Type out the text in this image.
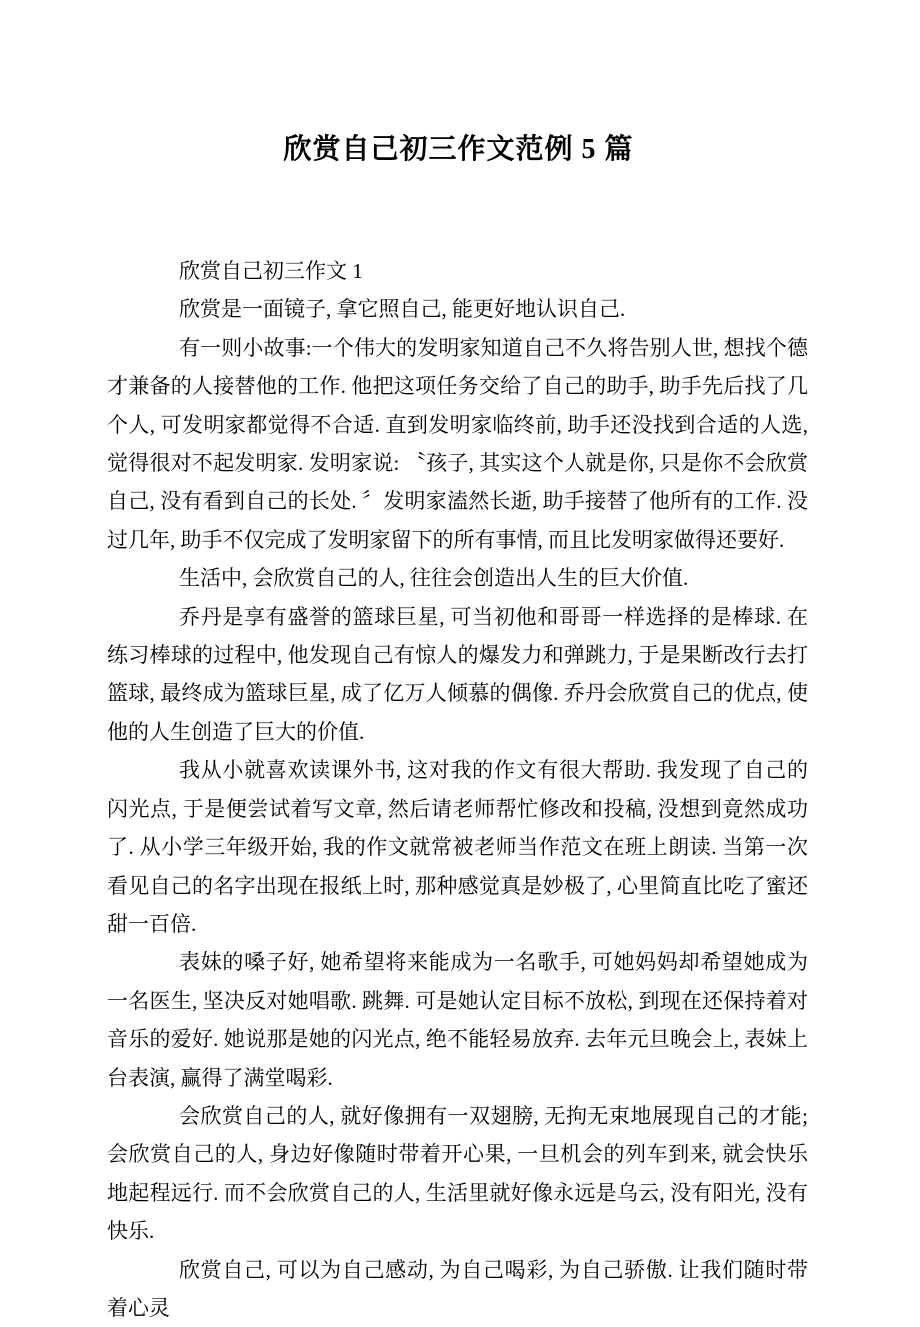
欣赏自己初三作文范例 5 篇

欣赏自己初三作文 1

欣赏是一面镜子, 拿它照自己, 能更好地认识自己.

有一则小故事:一个伟大的发明家知道自己不久将告别人世, 想找个德才兼备的人接替他的工作. 他把这项任务交给了自己的助手, 助手先后找了几个人, 可发明家都觉得不合适. 直到发明家临终前, 助手还没找到合适的人选, 觉得很对不起发明家. 发明家说: 〝孩子, 其实这个人就是你, 只是你不会欣赏自己, 没有看到自己的长处. 〞发明家溘然长逝, 助手接替了他所有的工作. 没过几年, 助手不仅完成了发明家留下的所有事情, 而且比发明家做得还要好.

生活中, 会欣赏自己的人, 往往会创造出人生的巨大价值.

乔丹是享有盛誉的篮球巨星, 可当初他和哥哥一样选择的是棒球. 在练习棒球的过程中, 他发现自己有惊人的爆发力和弹跳力, 于是果断改行去打篮球, 最终成为篮球巨星, 成了亿万人倾慕的偶像. 乔丹会欣赏自己的优点, 使他的人生创造了巨大的价值.

我从小就喜欢读课外书, 这对我的作文有很大帮助. 我发现了自己的闪光点, 于是便尝试着写文章, 然后请老师帮忙修改和投稿, 没想到竟然成功了. 从小学三年级开始, 我的作文就常被老师当作范文在班上朗读. 当第一次看见自己的名字出现在报纸上时, 那种感觉真是妙极了, 心里简直比吃了蜜还甜一百倍.

表妹的嗓子好, 她希望将来能成为一名歌手, 可她妈妈却希望她成为一名医生, 坚决反对她唱歌. 跳舞. 可是她认定目标不放松, 到现在还保持着对音乐的爱好. 她说那是她的闪光点, 绝不能轻易放弃. 去年元旦晚会上, 表妹上台表演, 赢得了满堂喝彩.

会欣赏自己的人, 就好像拥有一双翅膀, 无拘无束地展现自己的才能;会欣赏自己的人, 身边好像随时带着开心果, 一旦机会的列车到来, 就会快乐地起程远行. 而不会欣赏自己的人, 生活里就好像永远是乌云, 没有阳光, 没有快乐.

欣赏自己, 可以为自己感动, 为自己喝彩, 为自己骄傲. 让我们随时带着心灵
